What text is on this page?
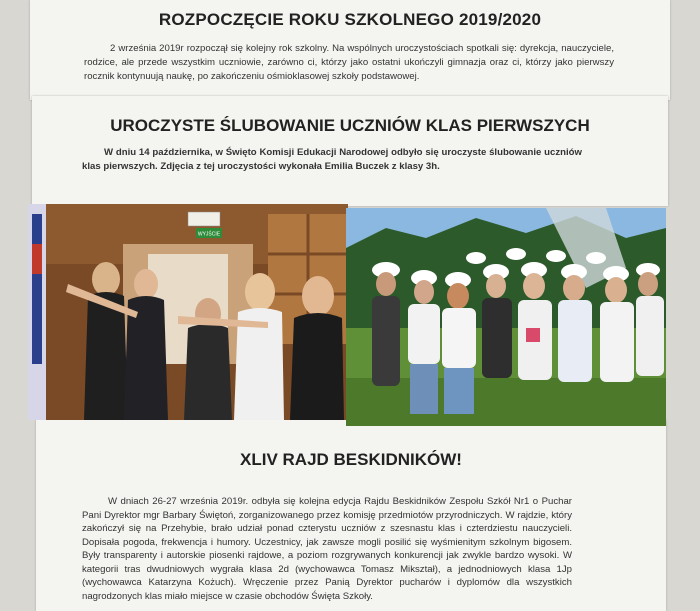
ROZPOCZĘCIE ROKU SZKOLNEGO 2019/2020

2 września 2019r rozpoczął się kolejny rok szkolny. Na wspólnych uroczystościach spotkali się: dyrekcja, nauczyciele, rodzice, ale przede wszystkim uczniowie, zarówno ci, którzy jako ostatni ukończyli gimnazja oraz ci, którzy jako pierwszy rocznik kontynuują naukę, po zakończeniu ośmioklasowej szkoły podstawowej.

UROCZYSTE ŚLUBOWANIE UCZNIÓW KLAS PIERWSZYCH

W dniu 14 października, w Święto Komisji Edukacji Narodowej odbyło się uroczyste ślubowanie uczniów klas pierwszych. Zdjęcia z tej uroczystości wykonała Emilia Buczek z klasy 3h.

WYJŚCIE
XLIV RAJD BESKIDNIKÓW!

W dniach 26-27 września 2019r. odbyła się kolejna edycja Rajdu Beskidników Zespołu Szkół Nr1 o Puchar Pani Dyrektor mgr Barbary Świętoń, zorganizowanego przez komisję przedmiotów przyrodniczych. W rajdzie, który zakończył się na Przehybie, brało udział ponad czterystu uczniów z szesnastu klas i czterdziestu nauczycieli. Dopisała pogoda, frekwencja i humory. Uczestnicy, jak zawsze mogli posilić się wyśmienitym szkolnym bigosem. Były transparenty i autorskie piosenki rajdowe, a poziom rozgrywanych konkurencji jak zwykle bardzo wysoki. W kategorii tras dwudniowych wygrała klasa 2d (wychowawca Tomasz Mikształ), a jednodniowych klasa 1Jp (wychowawca Katarzyna Kożuch). Wręczenie przez Panią Dyrektor pucharów i dyplomów dla wszystkich nagrodzonych klas miało miejsce w czasie obchodów Święta Szkoły.
